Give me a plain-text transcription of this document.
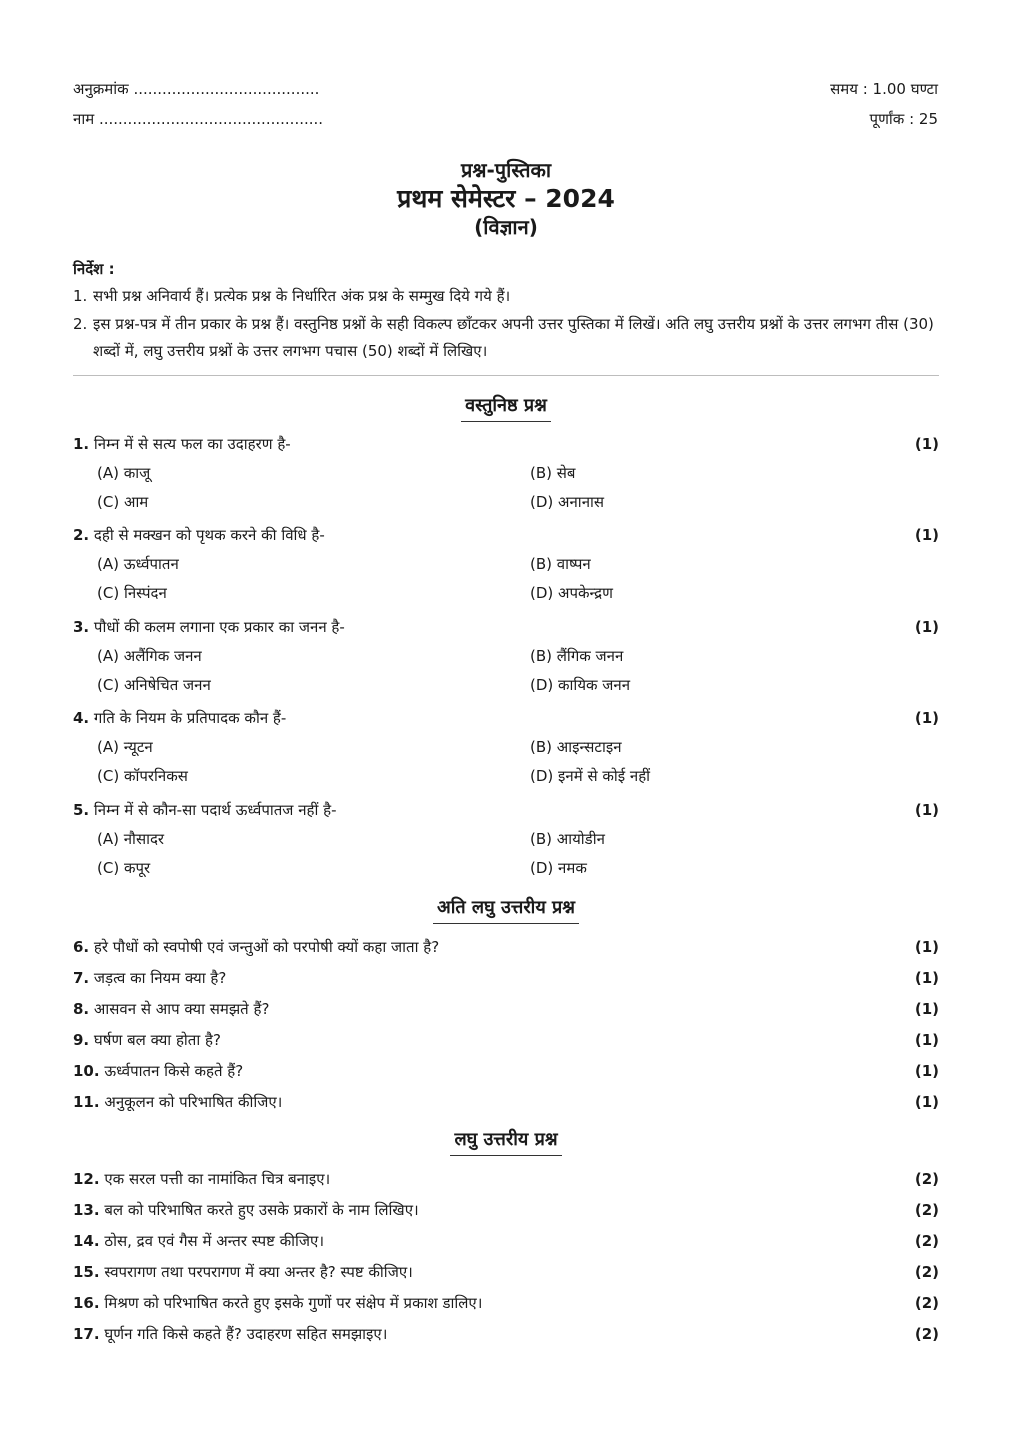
अनुक्रमांक .......................................
नाम ...............................................
समय : 1.00 घण्टा
पूर्णांक : 25
प्रश्न-पुस्तिका
प्रथम सेमेस्टर – 2024
(विज्ञान)
निर्देश :
1. सभी प्रश्न अनिवार्य हैं। प्रत्येक प्रश्न के निर्धारित अंक प्रश्न के सम्मुख दिये गये हैं।
2. इस प्रश्न-पत्र में तीन प्रकार के प्रश्न हैं। वस्तुनिष्ठ प्रश्नों के सही विकल्प छाँटकर अपनी उत्तर पुस्तिका में लिखें। अति लघु उत्तरीय प्रश्नों के उत्तर लगभग तीस (30) शब्दों में, लघु उत्तरीय प्रश्नों के उत्तर लगभग पचास (50) शब्दों में लिखिए।
वस्तुनिष्ठ प्रश्न
1. निम्न में से सत्य फल का उदाहरण है-	(1)
(A) काजू	(B) सेब
(C) आम	(D) अनानास
2. दही से मक्खन को पृथक करने की विधि है-	(1)
(A) ऊर्ध्वपातन	(B) वाष्पन
(C) निस्पंदन	(D) अपकेन्द्रण
3. पौधों की कलम लगाना एक प्रकार का जनन है-	(1)
(A) अलैंगिक जनन	(B) लैंगिक जनन
(C) अनिषेचित जनन	(D) कायिक जनन
4. गति के नियम के प्रतिपादक कौन हैं-	(1)
(A) न्यूटन	(B) आइन्सटाइन
(C) कॉपरनिकस	(D) इनमें से कोई नहीं
5. निम्न में से कौन-सा पदार्थ ऊर्ध्वपातज नहीं है-	(1)
(A) नौसादर	(B) आयोडीन
(C) कपूर	(D) नमक
अति लघु उत्तरीय प्रश्न
6. हरे पौधों को स्वपोषी एवं जन्तुओं को परपोषी क्यों कहा जाता है?	(1)
7. जड़त्व का नियम क्या है?	(1)
8. आसवन से आप क्या समझते हैं?	(1)
9. घर्षण बल क्या होता है?	(1)
10. ऊर्ध्वपातन किसे कहते हैं?	(1)
11. अनुकूलन को परिभाषित कीजिए।	(1)
लघु उत्तरीय प्रश्न
12. एक सरल पत्ती का नामांकित चित्र बनाइए।	(2)
13. बल को परिभाषित करते हुए उसके प्रकारों के नाम लिखिए।	(2)
14. ठोस, द्रव एवं गैस में अन्तर स्पष्ट कीजिए।	(2)
15. स्वपरागण तथा परपरागण में क्या अन्तर है? स्पष्ट कीजिए।	(2)
16. मिश्रण को परिभाषित करते हुए इसके गुणों पर संक्षेप में प्रकाश डालिए।	(2)
17. घूर्णन गति किसे कहते हैं? उदाहरण सहित समझाइए।	(2)
